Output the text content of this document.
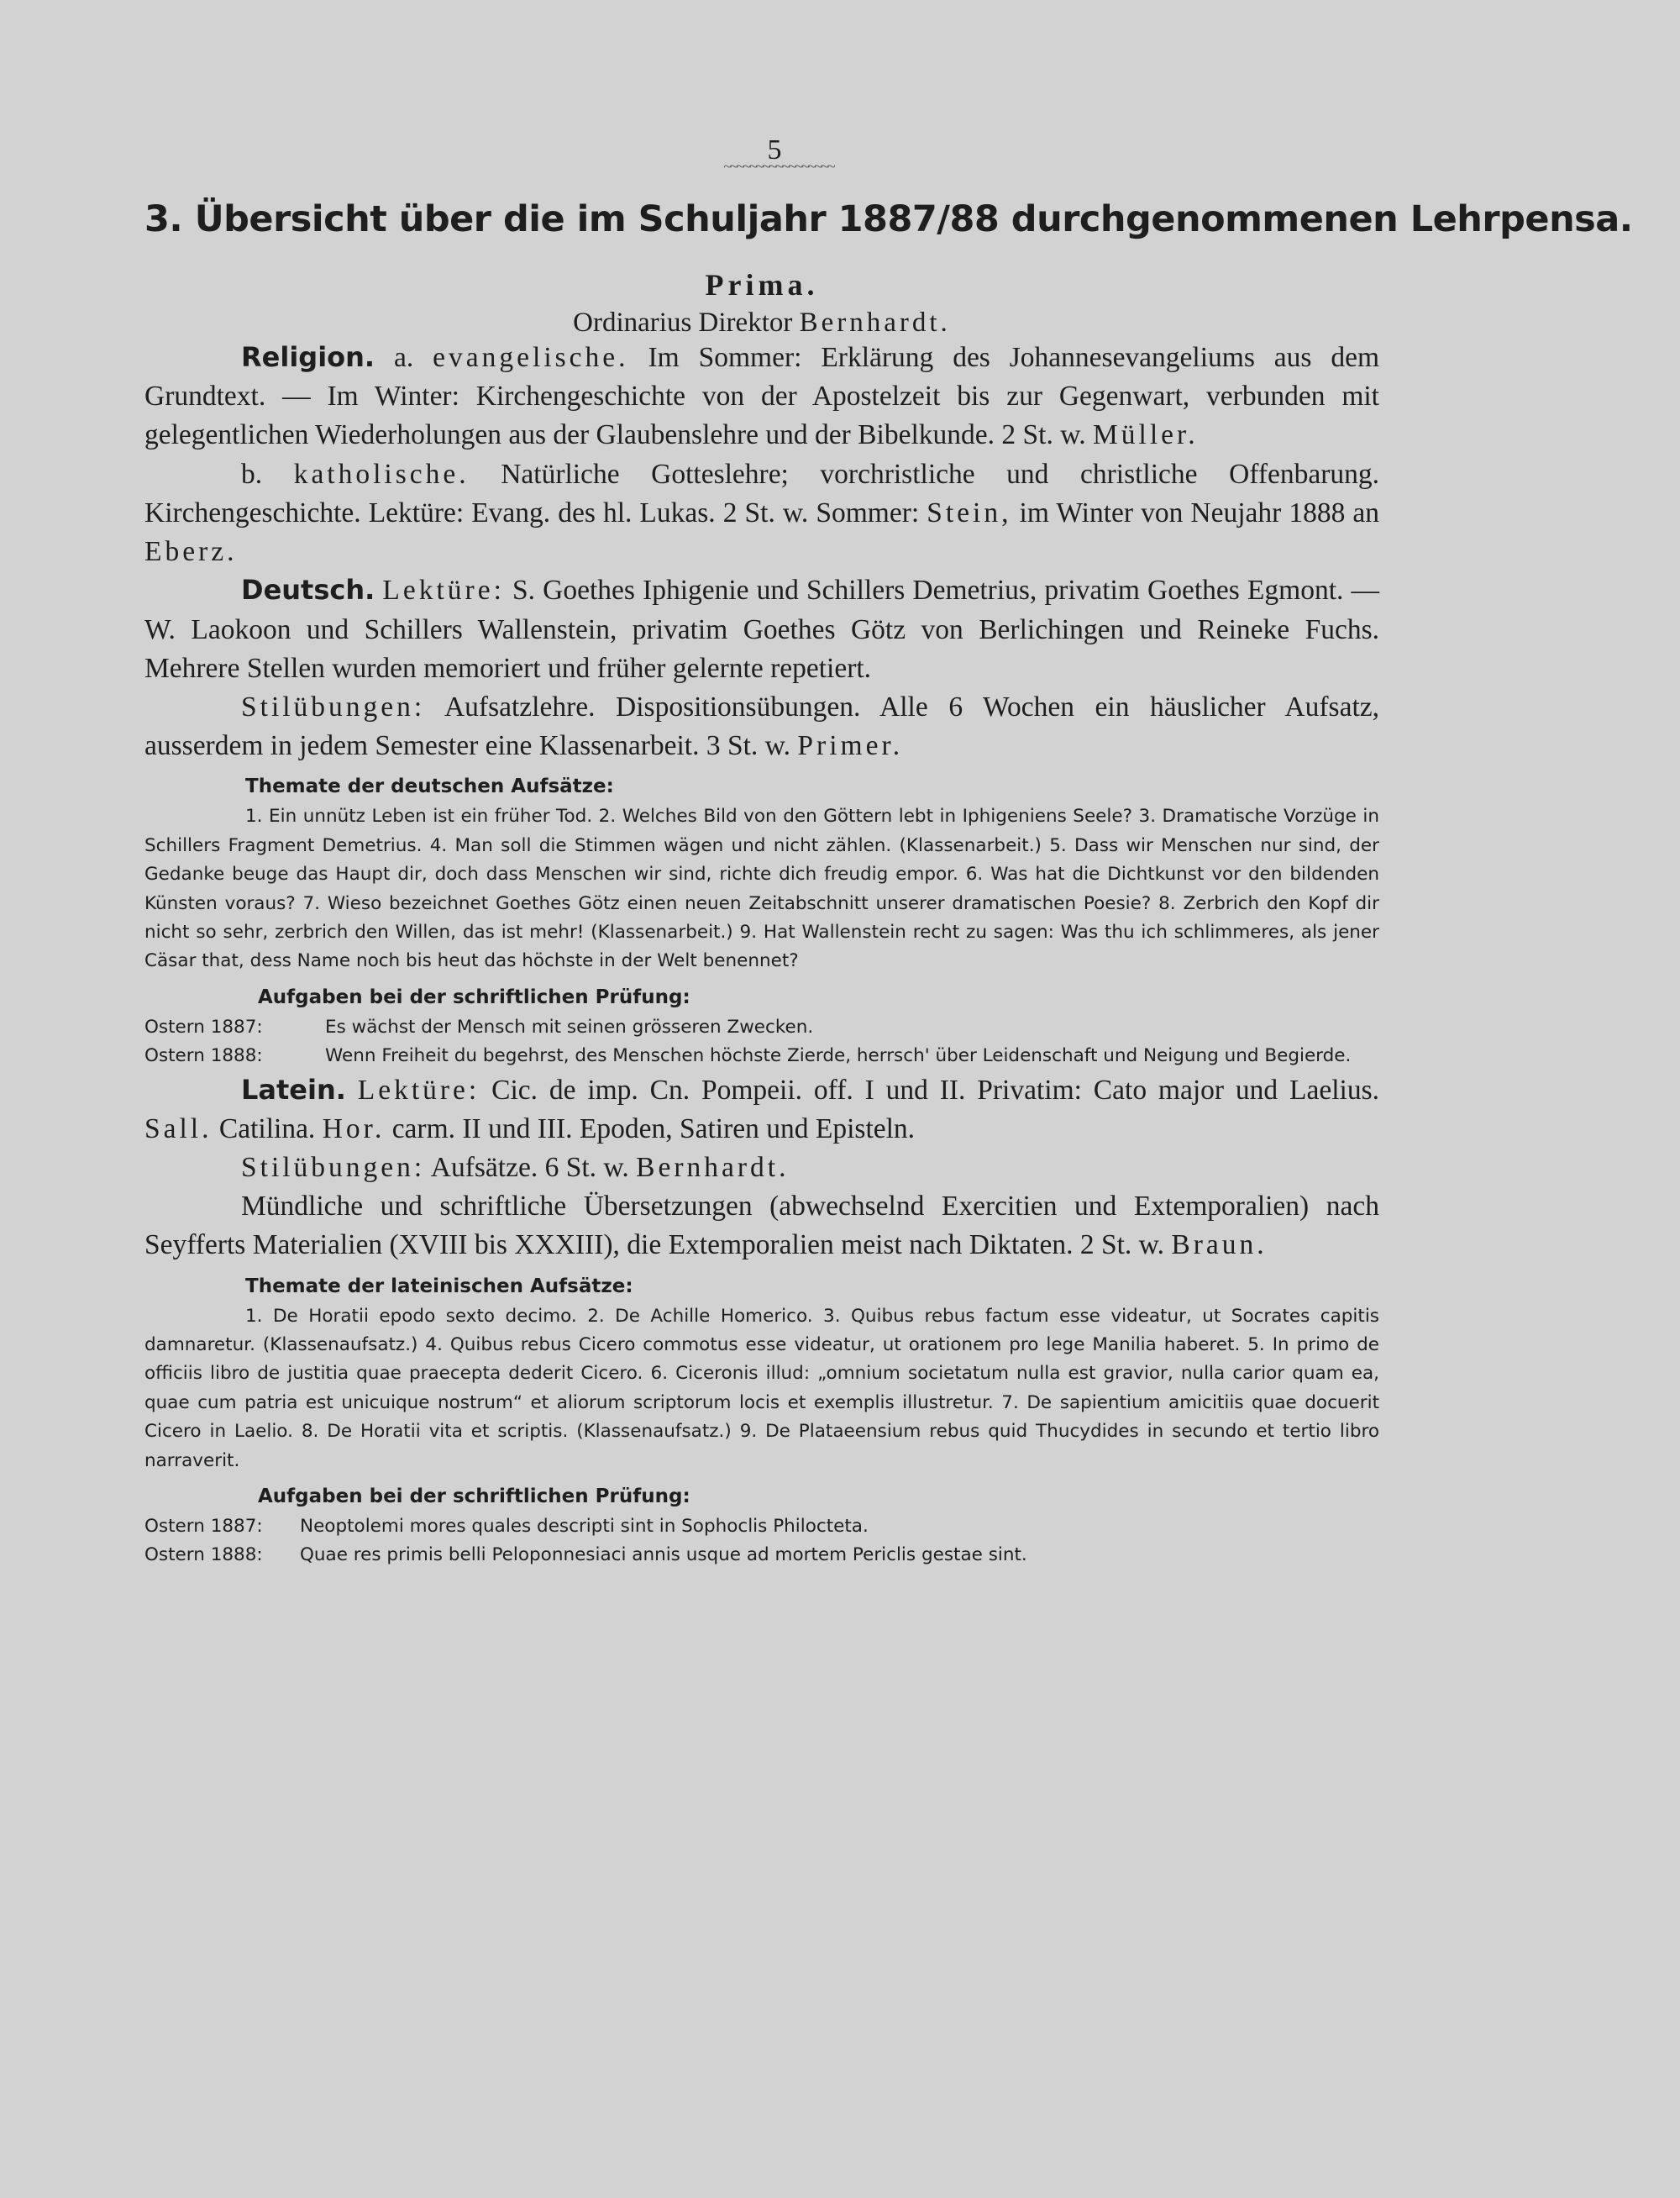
5
~~~~~~~~~~~~~~~~~
3. Übersicht über die im Schuljahr 1887/88 durchgenommenen Lehrpensa.
Prima.
Ordinarius Direktor Bernhardt.

Religion. a. evangelische. Im Sommer: Erklärung des Johannesevangeliums aus dem Grundtext. — Im Winter: Kirchengeschichte von der Apostelzeit bis zur Gegenwart, verbunden mit gelegentlichen Wiederholungen aus der Glaubenslehre und der Bibelkunde. 2 St. w. Müller.

b. katholische. Natürliche Gotteslehre; vorchristliche und christliche Offenbarung. Kirchengeschichte. Lektüre: Evang. des hl. Lukas. 2 St. w. Sommer: Stein, im Winter von Neujahr 1888 an Eberz.

Deutsch. Lektüre: S. Goethes Iphigenie und Schillers Demetrius, privatim Goethes Egmont. — W. Laokoon und Schillers Wallenstein, privatim Goethes Götz von Berlichingen und Reineke Fuchs. Mehrere Stellen wurden memoriert und früher gelernte repetiert.

Stilübungen: Aufsatzlehre. Dispositionsübungen. Alle 6 Wochen ein häuslicher Aufsatz, ausserdem in jedem Semester eine Klassenarbeit. 3 St. w. Primer.

Themate der deutschen Aufsätze:

1. Ein unnütz Leben ist ein früher Tod. 2. Welches Bild von den Göttern lebt in Iphigeniens Seele? 3. Dramatische Vorzüge in Schillers Fragment Demetrius. 4. Man soll die Stimmen wägen und nicht zählen. (Klassenarbeit.) 5. Dass wir Menschen nur sind, der Gedanke beuge das Haupt dir, doch dass Menschen wir sind, richte dich freudig empor. 6. Was hat die Dichtkunst vor den bildenden Künsten voraus? 7. Wieso bezeichnet Goethes Götz einen neuen Zeitabschnitt unserer dramatischen Poesie? 8. Zerbrich den Kopf dir nicht so sehr, zerbrich den Willen, das ist mehr! (Klassenarbeit.) 9. Hat Wallenstein recht zu sagen: Was thu ich schlimmeres, als jener Cäsar that, dess Name noch bis heut das höchste in der Welt benennet?

Aufgaben bei der schriftlichen Prüfung:
Ostern 1887:	Es wächst der Mensch mit seinen grösseren Zwecken.
Ostern 1888:	Wenn Freiheit du begehrst, des Menschen höchste Zierde, herrsch' über Leidenschaft und Neigung und Begierde.

Latein. Lektüre: Cic. de imp. Cn. Pompeii. off. I und II. Privatim: Cato major und Laelius. Sall. Catilina. Hor. carm. II und III. Epoden, Satiren und Episteln.

Stilübungen: Aufsätze. 6 St. w. Bernhardt.

Mündliche und schriftliche Übersetzungen (abwechselnd Exercitien und Extemporalien) nach Seyfferts Materialien (XVIII bis XXXIII), die Extemporalien meist nach Diktaten. 2 St. w. Braun.

Themate der lateinischen Aufsätze:

1. De Horatii epodo sexto decimo. 2. De Achille Homerico. 3. Quibus rebus factum esse videatur, ut Socrates capitis damnaretur. (Klassenaufsatz.) 4. Quibus rebus Cicero commotus esse videatur, ut orationem pro lege Manilia haberet. 5. In primo de officiis libro de justitia quae praecepta dederit Cicero. 6. Ciceronis illud: „omnium societatum nulla est gravior, nulla carior quam ea, quae cum patria est unicuique nostrum“ et aliorum scriptorum locis et exemplis illustretur. 7. De sapientium amicitiis quae docuerit Cicero in Laelio. 8. De Horatii vita et scriptis. (Klassenaufsatz.) 9. De Plataeensium rebus quid Thucydides in secundo et tertio libro narraverit.

Aufgaben bei der schriftlichen Prüfung:
Ostern 1887:	Neoptolemi mores quales descripti sint in Sophoclis Philocteta.
Ostern 1888:	Quae res primis belli Peloponnesiaci annis usque ad mortem Periclis gestae sint.
